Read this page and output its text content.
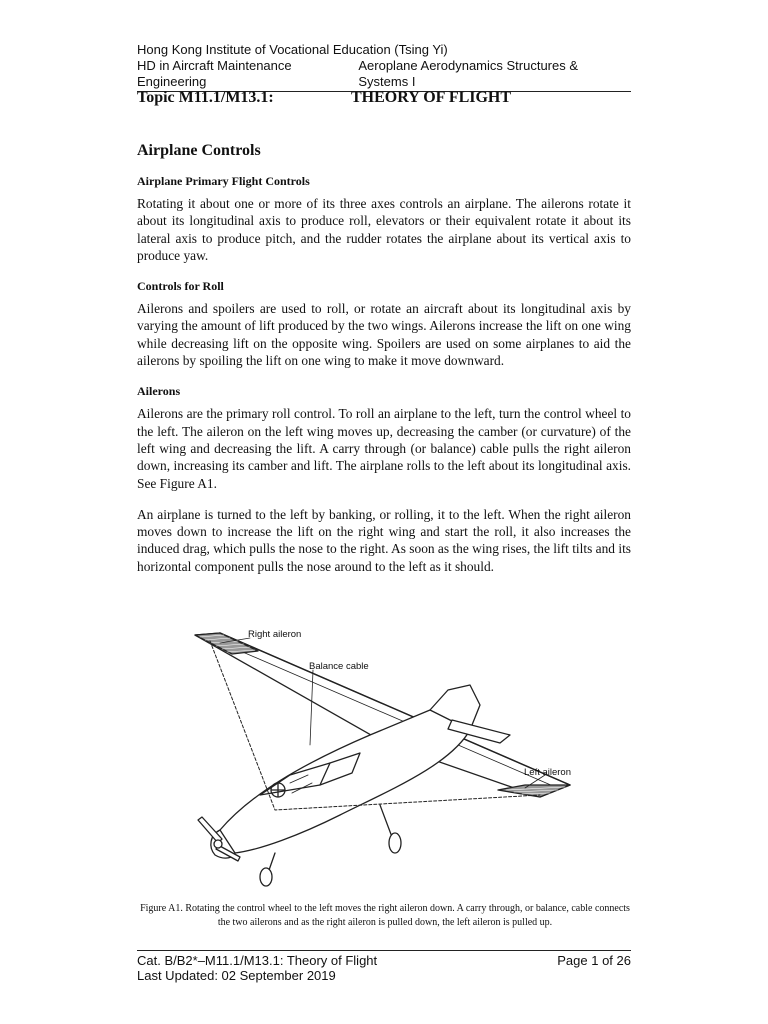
Hong Kong Institute of Vocational Education (Tsing Yi)
HD in Aircraft Maintenance Engineering
Aeroplane Aerodynamics Structures & Systems I
Topic M11.1/M13.1:	THEORY OF FLIGHT
Airplane Controls
Airplane Primary Flight Controls

Rotating it about one or more of its three axes controls an airplane. The ailerons rotate it about its longitudinal axis to produce roll, elevators or their equivalent rotate it about its lateral axis to produce pitch, and the rudder rotates the airplane about its vertical axis to produce yaw.

Controls for Roll

Ailerons and spoilers are used to roll, or rotate an aircraft about its longitudinal axis by varying the amount of lift produced by the two wings. Ailerons increase the lift on one wing while decreasing lift on the opposite wing. Spoilers are used on some airplanes to aid the ailerons by spoiling the lift on one wing to make it move downward.

Ailerons

Ailerons are the primary roll control. To roll an airplane to the left, turn the control wheel to the left. The aileron on the left wing moves up, decreasing the camber (or curvature) of the left wing and decreasing the lift. A carry through (or balance) cable pulls the right aileron down, increasing its camber and lift. The airplane rolls to the left about its longitudinal axis. See Figure A1.

An airplane is turned to the left by banking, or rolling, it to the left. When the right aileron moves down to increase the lift on the right wing and start the roll, it also increases the induced drag, which pulls the nose to the right. As soon as the wing rises, the lift tilts and its horizontal component pulls the nose around to the left as it should.

Right aileron
Balance cable
Left aileron
Figure A1. Rotating the control wheel to the left moves the right aileron down. A carry through, or balance, cable connects the two ailerons and as the right aileron is pulled down, the left aileron is pulled up.
Cat. B/B2*–M11.1/M13.1: Theory of Flight	Page 1 of 26
Last Updated: 02 September 2019
